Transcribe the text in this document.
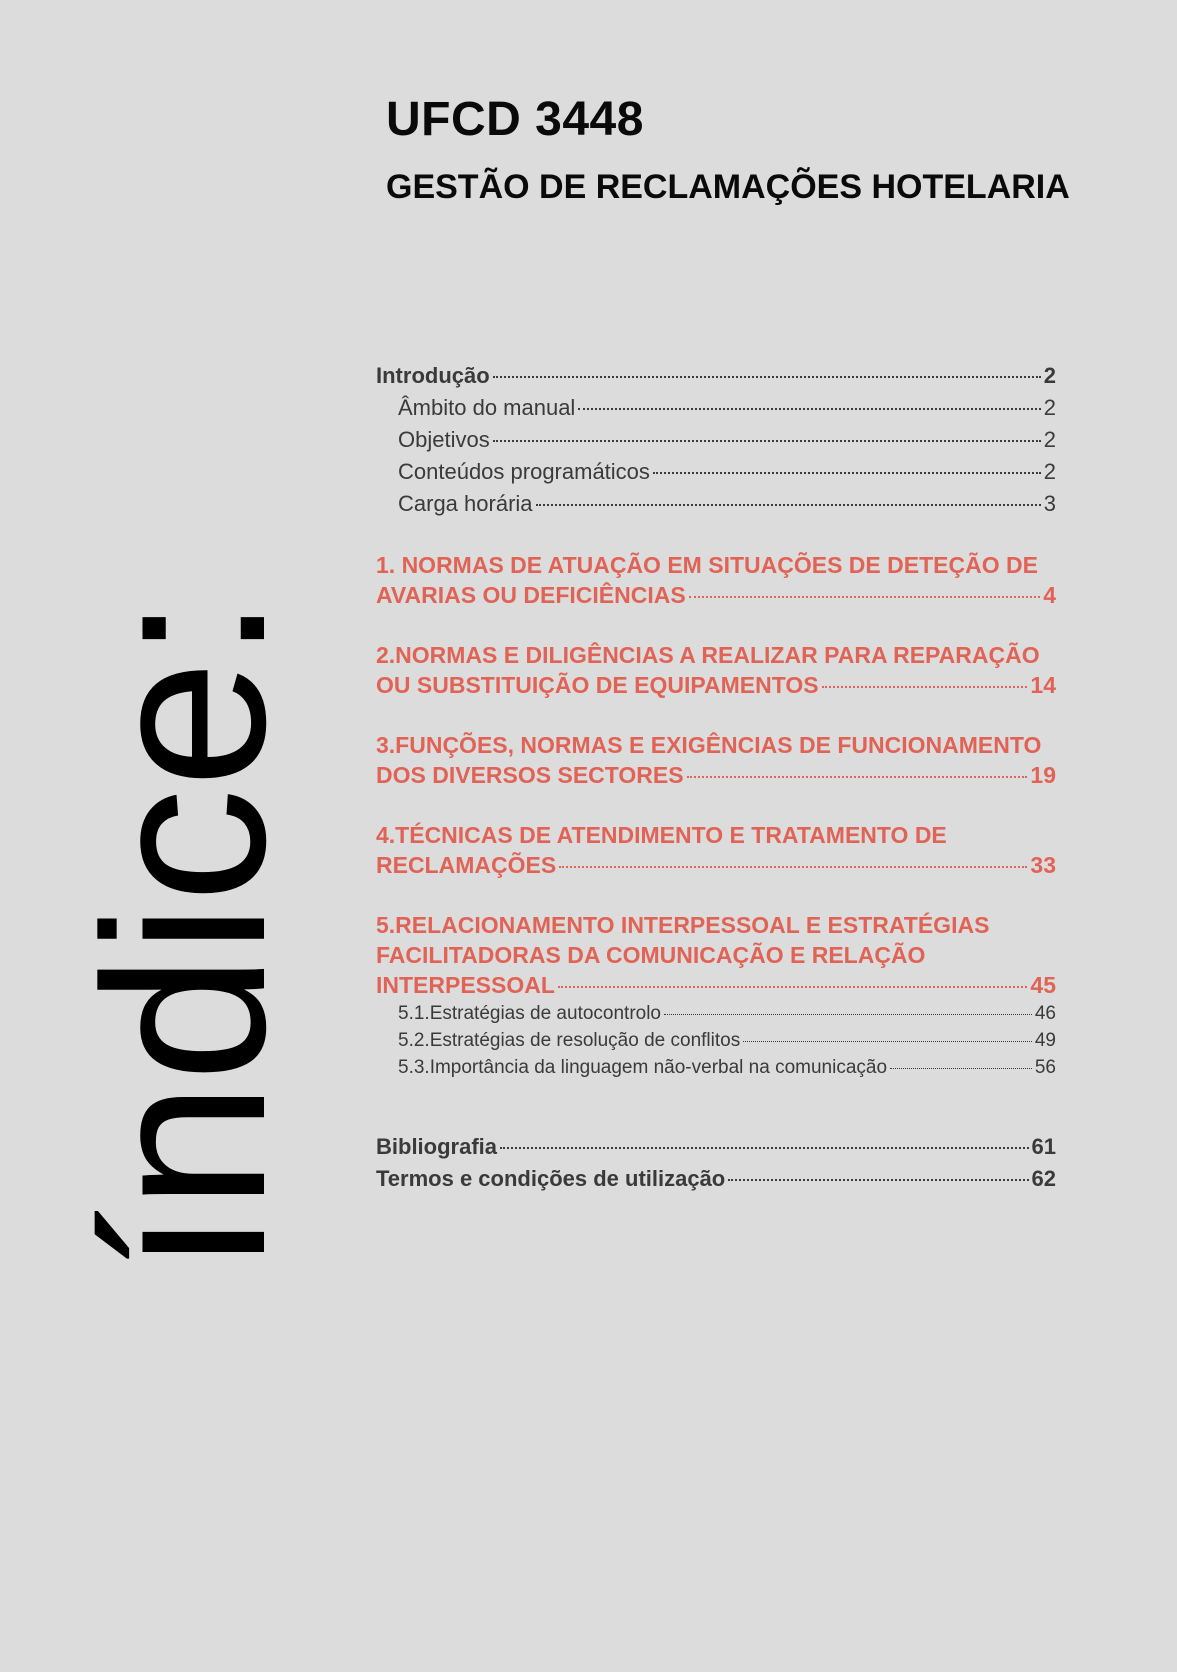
UFCD 3448
GESTÃO DE RECLAMAÇÕES HOTELARIA
índice:
Introdução	2
Âmbito do manual	2
Objetivos	2
Conteúdos programáticos	2
Carga horária	3
1. NORMAS DE ATUAÇÃO EM SITUAÇÕES DE DETEÇÃO DE
AVARIAS OU DEFICIÊNCIAS	4
2.NORMAS E DILIGÊNCIAS A REALIZAR PARA REPARAÇÃO
OU SUBSTITUIÇÃO DE EQUIPAMENTOS	14
3.FUNÇÕES, NORMAS E EXIGÊNCIAS DE FUNCIONAMENTO
DOS DIVERSOS SECTORES	19
4.TÉCNICAS DE ATENDIMENTO E TRATAMENTO DE
RECLAMAÇÕES	33
5.RELACIONAMENTO INTERPESSOAL E ESTRATÉGIAS
FACILITADORAS DA COMUNICAÇÃO E RELAÇÃO
INTERPESSOAL	45
5.1.Estratégias de autocontrolo	46
5.2.Estratégias de resolução de conflitos	49
5.3.Importância da linguagem não-verbal na comunicação	56
Bibliografia	61
Termos e condições de utilização	62
